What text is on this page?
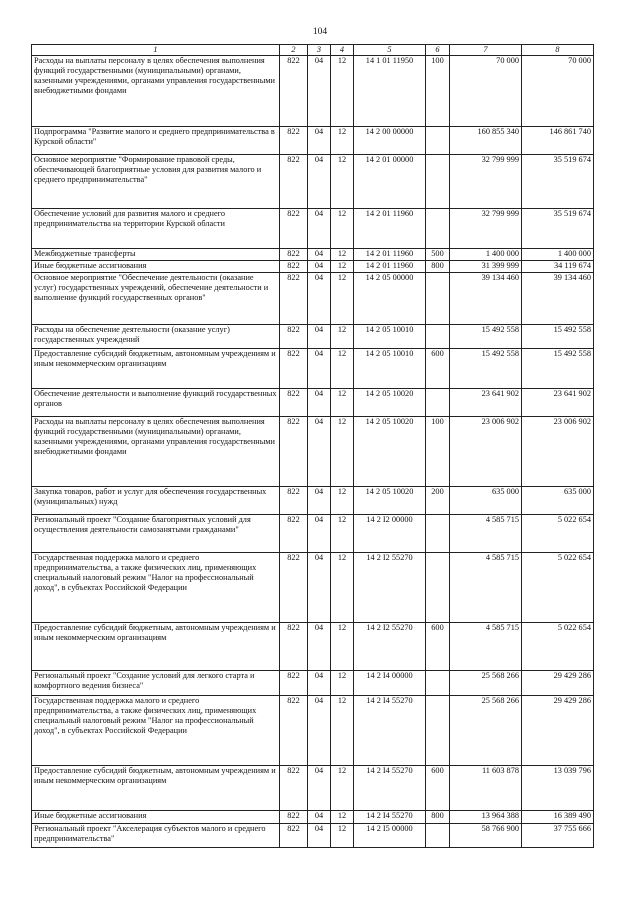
104
1	2	3	4	5	6	7	8
Расходы на выплаты персоналу в целях обеспечения выполнения функций государственными (муниципальными) органами, казенными учреждениями, органами управления государственными внебюджетными фондами	822	04	12	14 1 01 11950	100	70 000	70 000
Подпрограмма "Развитие малого и среднего предпринимательства в Курской области"	822	04	12	14 2 00 00000		160 855 340	146 861 740
Основное мероприятие "Формирование правовой среды, обеспечивающей благоприятные условия для развития малого и среднего предпринимательства"	822	04	12	14 2 01 00000		32 799 999	35 519 674
Обеспечение условий для развития малого и среднего предпринимательства на территории Курской области	822	04	12	14 2 01 11960		32 799 999	35 519 674
Межбюджетные трансферты	822	04	12	14 2 01 11960	500	1 400 000	1 400 000
Иные бюджетные ассигнования	822	04	12	14 2 01 11960	800	31 399 999	34 119 674
Основное мероприятие "Обеспечение деятельности (оказание услуг) государственных учреждений, обеспечение деятельности и выполнение функций государственных органов"	822	04	12	14 2 05 00000		39 134 460	39 134 460
Расходы на обеспечение деятельности (оказание услуг) государственных учреждений	822	04	12	14 2 05 10010		15 492 558	15 492 558
Предоставление субсидий бюджетным, автономным учреждениям и иным некоммерческим организациям	822	04	12	14 2 05 10010	600	15 492 558	15 492 558
Обеспечение деятельности и выполнение функций государственных органов	822	04	12	14 2 05 10020		23 641 902	23 641 902
Расходы на выплаты персоналу в целях обеспечения выполнения функций государственными (муниципальными) органами, казенными учреждениями, органами управления государственными внебюджетными фондами	822	04	12	14 2 05 10020	100	23 006 902	23 006 902
Закупка товаров, работ и услуг для обеспечения государственных (муниципальных) нужд	822	04	12	14 2 05 10020	200	635 000	635 000
Региональный проект "Создание благоприятных условий для осуществления деятельности самозанятыми гражданами"	822	04	12	14 2 I2 00000		4 585 715	5 022 654
Государственная поддержка малого и среднего предпринимательства, а также физических лиц, применяющих специальный налоговый режим "Налог на профессиональный доход", в субъектах Российской Федерации	822	04	12	14 2 I2 55270		4 585 715	5 022 654
Предоставление субсидий бюджетным, автономным учреждениям и иным некоммерческим организациям	822	04	12	14 2 I2 55270	600	4 585 715	5 022 654
Региональный проект "Создание условий для легкого старта и комфортного ведения бизнеса"	822	04	12	14 2 I4 00000		25 568 266	29 429 286
Государственная поддержка малого и среднего предпринимательства, а также физических лиц, применяющих специальный налоговый режим "Налог на профессиональный доход", в субъектах Российской Федерации	822	04	12	14 2 I4 55270		25 568 266	29 429 286
Предоставление субсидий бюджетным, автономным учреждениям и иным некоммерческим организациям	822	04	12	14 2 I4 55270	600	11 603 878	13 039 796
Иные бюджетные ассигнования	822	04	12	14 2 I4 55270	800	13 964 388	16 389 490
Региональный проект "Акселерация субъектов малого и среднего предпринимательства"	822	04	12	14 2 I5 00000		58 766 900	37 755 666
